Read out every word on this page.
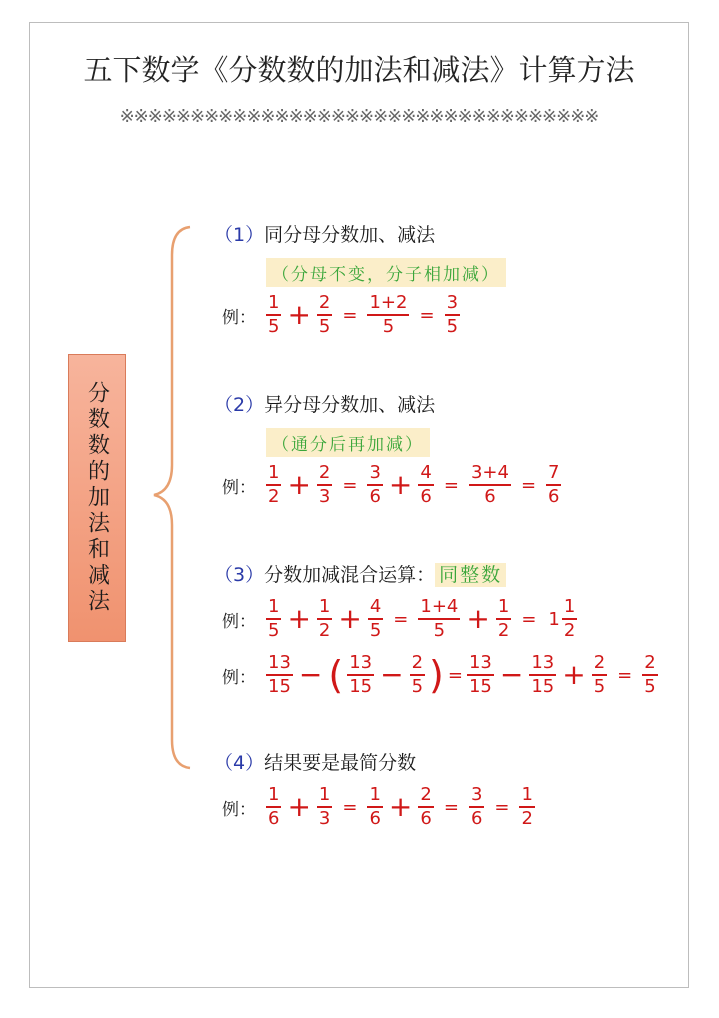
五下数学《分数数的加法和减法》计算方法
※※※※※※※※※※※※※※※※※※※※※※※※※※※※※※※※※※
分数数的加法和减法
（1）同分母分数加、减法
（分母不变，分子相加减）
例： $\frac{1}{5} + \frac{2}{5} = \frac{1+2}{5} = \frac{3}{5}$
（2）异分母分数加、减法
（通分后再加减）
例： $\frac{1}{2} + \frac{2}{3} = \frac{3}{6} + \frac{4}{6} = \frac{3+4}{6} = \frac{7}{6}$
（3）分数加减混合运算： 同整数
例： $\frac{1}{5} + \frac{1}{2} + \frac{4}{5} = \frac{1+4}{5} + \frac{1}{2} = 1 \frac{1}{2}$
例： $\frac{13}{15}$ − ( $\frac{13}{15} - \frac{2}{5}$ ) = $\frac{13}{15} - \frac{13}{15} + \frac{2}{5} = \frac{2}{5}$
（4）结果要是最简分数
例： $\frac{1}{6} + \frac{1}{3} = \frac{1}{6} + \frac{2}{6} = \frac{3}{6} = \frac{1}{2}$
